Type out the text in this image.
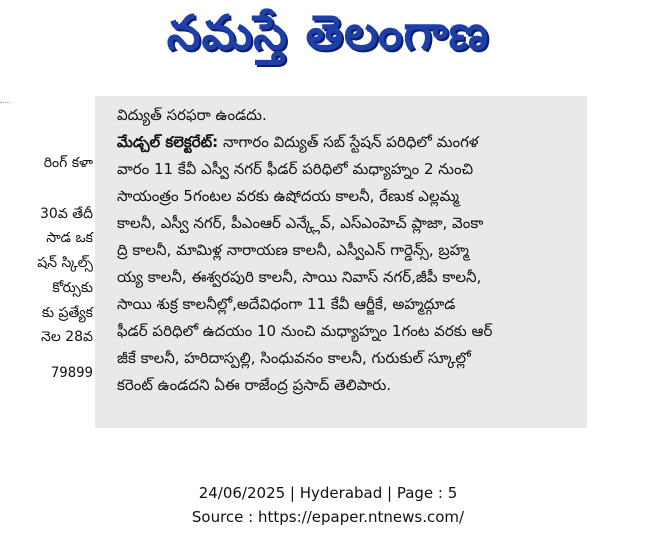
నమస్తే తెలంగాణ
రింగ్ కళా
30వ తేదీ
సాడ ఒక
షన్ స్కిల్స్
కోర్సుకు
కు ప్రత్యేక
నెల 28వ
79899

విద్యుత్ సరఫరా ఉండదు.

మేడ్చల్ కలెక్టరేట్: నాగారం విద్యుత్ సబ్ స్టేషన్ పరిధిలో మంగళ

వారం 11 కేవీ ఎస్వీ నగర్ ఫీడర్ పరిధిలో మధ్యాహ్నం 2 నుంచి

సాయంత్రం 5గంటల వరకు ఉషోదయ కాలనీ, రేణుక ఎల్లమ్మ

కాలనీ, ఎస్వీ నగర్, పీఎంఆర్ ఎన్క్లేవ్, ఎస్ఎంహెచ్ ప్లాజా, వెంకా

ద్రి కాలనీ, మామిళ్ల నారాయణ కాలనీ, ఎస్వీఎన్ గార్డెన్స్, బ్రహ్మ

య్య కాలనీ, ఈశ్వరపురి కాలనీ, సాయి నివాస్ నగర్,జీపీ కాలనీ,

సాయి శుక్ర కాలనీల్లో,అదేవిధంగా 11 కేవీ ఆర్జీకే, అహ్మద్గూడ

ఫీడర్ పరిధిలో ఉదయం 10 నుంచి మధ్యాహ్నం 1గంట వరకు ఆర్

జీకే కాలనీ, హరిదాస్పల్లి, సింధువనం కాలనీ, గురుకుల్ స్కూల్లో

కరెంట్ ఉండదని ఏఈ రాజేంద్ర ప్రసాద్ తెలిపారు.

24/06/2025 | Hyderabad | Page : 5
Source : https://epaper.ntnews.com/
